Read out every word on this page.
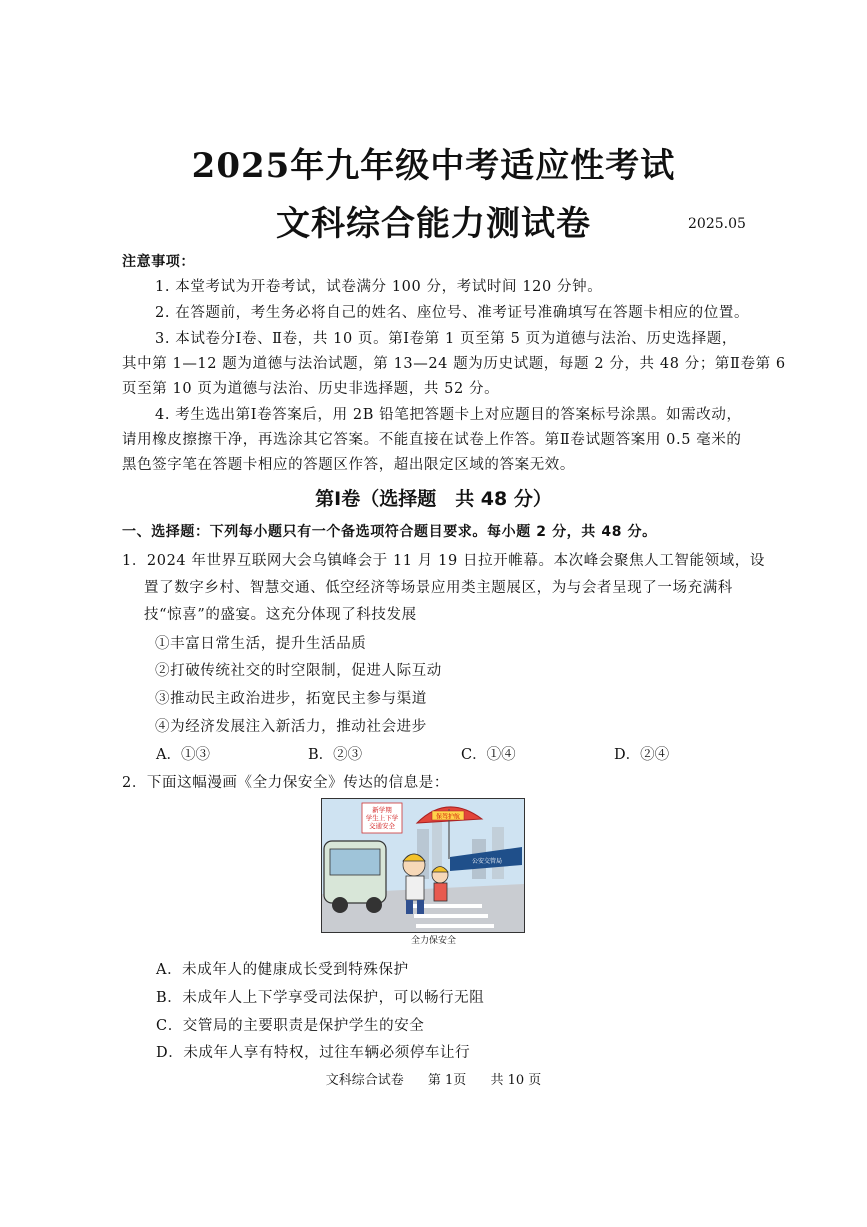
2025年九年级中考适应性考试
文科综合能力测试卷	2025.05
注意事项：
1. 本堂考试为开卷考试，试卷满分 100 分，考试时间 120 分钟。
2. 在答题前，考生务必将自己的姓名、座位号、准考证号准确填写在答题卡相应的位置。
3. 本试卷分Ⅰ卷、Ⅱ卷，共 10 页。第Ⅰ卷第 1 页至第 5 页为道德与法治、历史选择题，
其中第 1—12 题为道德与法治试题，第 13—24 题为历史试题，每题 2 分，共 48 分；第Ⅱ卷第 6
页至第 10 页为道德与法治、历史非选择题，共 52 分。
4. 考生选出第Ⅰ卷答案后，用 2B 铅笔把答题卡上对应题目的答案标号涂黑。如需改动，
请用橡皮擦擦干净，再选涂其它答案。不能直接在试卷上作答。第Ⅱ卷试题答案用 0.5 毫米的
黑色签字笔在答题卡相应的答题区作答，超出限定区域的答案无效。
第Ⅰ卷（选择题　共 48 分）
一、选择题：下列每小题只有一个备选项符合题目要求。每小题 2 分，共 48 分。
1．2024 年世界互联网大会乌镇峰会于 11 月 19 日拉开帷幕。本次峰会聚焦人工智能领域，设
置了数字乡村、智慧交通、低空经济等场景应用类主题展区，为与会者呈现了一场充满科
技“惊喜”的盛宴。这充分体现了科技发展
①丰富日常生活，提升生活品质
②打破传统社交的时空限制，促进人际互动
③推动民主政治进步，拓宽民主参与渠道
④为经济发展注入新活力，推动社会进步
A．①③	B．②③	C．①④	D．②④
2．下面这幅漫画《全力保安全》传达的信息是：
新学期
学生上下学
交通安全
保驾护航
公安交管局
全力保安全
A．未成年人的健康成长受到特殊保护
B．未成年人上下学享受司法保护，可以畅行无阻
C．交管局的主要职责是保护学生的安全
D．未成年人享有特权，过往车辆必须停车让行
文科综合试卷 第 1页 共 10 页
